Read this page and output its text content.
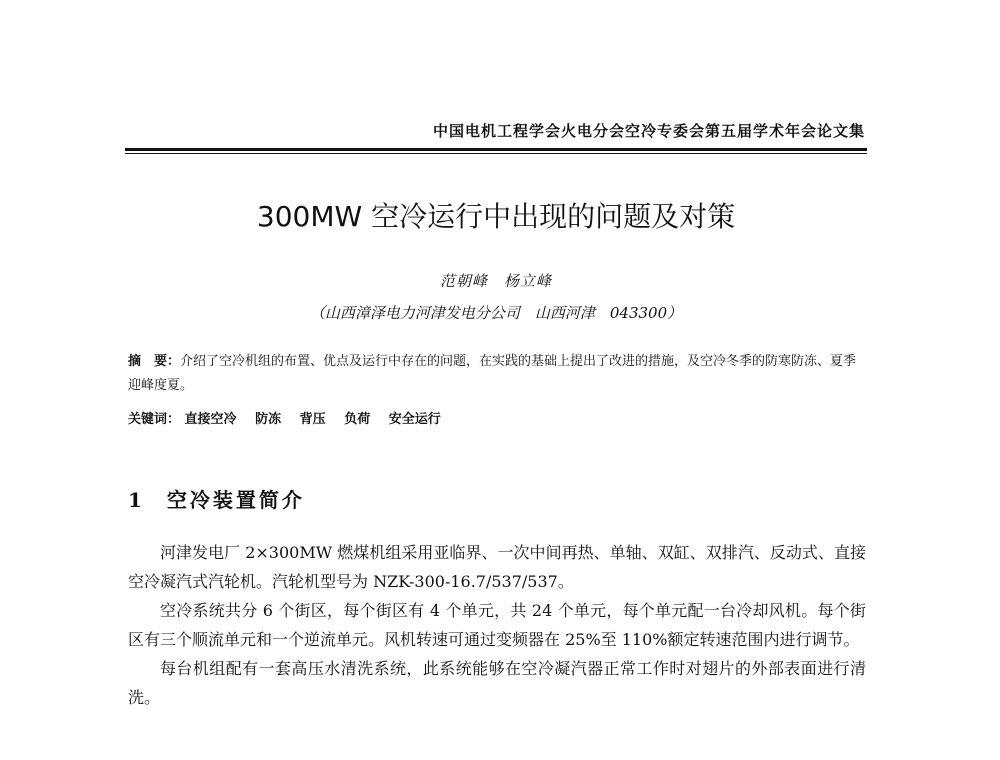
中国电机工程学会火电分会空冷专委会第五届学术年会论文集
300MW 空冷运行中出现的问题及对策
范朝峰　杨立峰
（山西漳泽电力河津发电分公司　山西河津　043300）
摘　要：介绍了空冷机组的布置、优点及运行中存在的问题，在实践的基础上提出了改进的措施，及空冷冬季的防寒防冻、夏季迎峰度夏。
关键词： 直接空冷 防冻 背压 负荷 安全运行
1 空冷装置简介

河津发电厂 2×300MW 燃煤机组采用亚临界、一次中间再热、单轴、双缸、双排汽、反动式、直接空冷凝汽式汽轮机。汽轮机型号为 NZK-300-16.7/537/537。

空冷系统共分 6 个街区，每个街区有 4 个单元，共 24 个单元，每个单元配一台冷却风机。每个街区有三个顺流单元和一个逆流单元。风机转速可通过变频器在 25%至 110%额定转速范围内进行调节。

每台机组配有一套高压水清洗系统，此系统能够在空冷凝汽器正常工作时对翅片的外部表面进行清洗。
